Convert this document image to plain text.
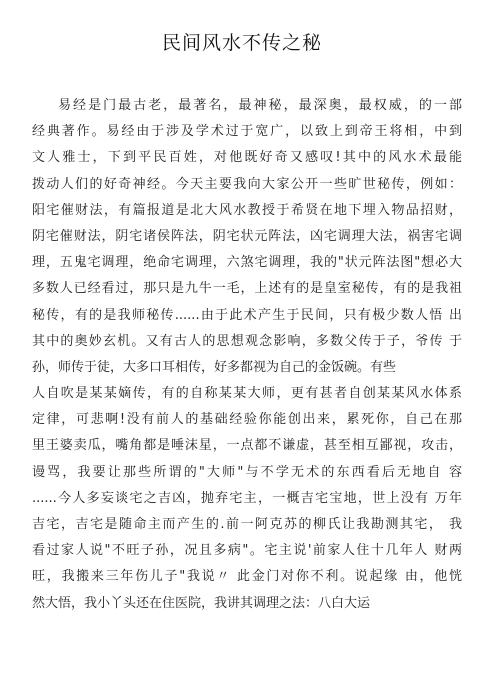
民间风水不传之秘
易经是门最古老，最著名，最神秘，最深奥，最权威，的一部
经典著作。易经由于涉及学术过于宽广，以致上到帝王将相，中到
文人雅士，下到平民百姓，对他既好奇又感叹!其中的风水术最能
拨动人们的好奇神经。今天主要我向大家公开一些旷世秘传，例如：
阳宅催财法，有篇报道是北大风水教授于希贤在地下埋入物品招财，
阴宅催财法，阴宅诸侯阵法，阴宅状元阵法，凶宅调理大法，祸害宅调
理，五鬼宅调理，绝命宅调理，六煞宅调理，我的"状元阵法图"想必大
多数人已经看过，那只是九牛一毛，上述有的是皇室秘传，有的是我祖
秘传，有的是我师秘传......由于此术产生于民间，只有极少数人悟 出
其中的奥妙玄机。又有古人的思想观念影响，多数父传于子，爷传 于
孙，师传于徒，大多口耳相传，好多都视为自己的金饭碗。有些
人自吹是某某嫡传，有的自称某某大师，更有甚者自创某某风水体系
定律，可悲啊!没有前人的基础经验你能创出来，累死你，自己在那
里王婆卖瓜，嘴角都是唾沫星，一点都不谦虚，甚至相互鄙视，攻击，
谩骂，我要让那些所谓的"大师"与不学无术的东西看后无地自 容
......今人多妄谈宅之吉凶，抛弃宅主，一概吉宅宝地，世上没有 万年
吉宅，吉宅是随命主而产生的.前一阿克苏的柳氏让我勘测其宅， 我
看过家人说"不旺子孙，况且多病"。宅主说'前家人住十几年人 财两
旺，我搬来三年伤儿子"我说〃 此金门对你不利。说起缘 由，他恍
然大悟，我小丫头还在住医院，我讲其调理之法：八白大运
